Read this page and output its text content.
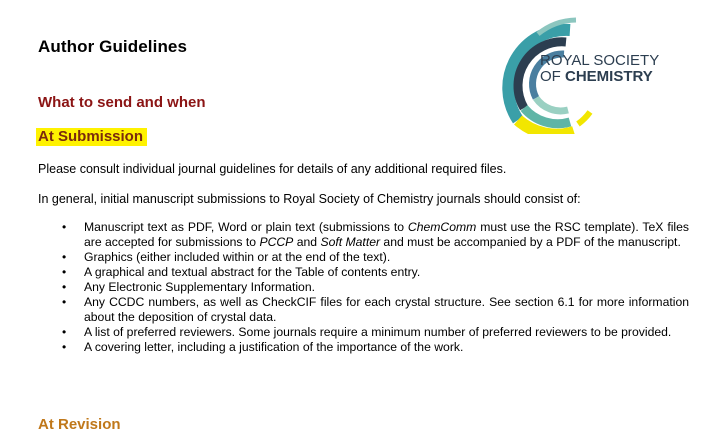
Author Guidelines
What to send and when
At Submission
Please consult individual journal guidelines for details of any additional required files.
In general, initial manuscript submissions to Royal Society of Chemistry journals should consist of:
• Manuscript text as PDF, Word or plain text (submissions to ChemComm must use the RSC template). TeX files are accepted for submissions to PCCP and Soft Matter and must be accompanied by a PDF of the manuscript.
• Graphics (either included within or at the end of the text).
• A graphical and textual abstract for the Table of contents entry.
• Any Electronic Supplementary Information.
• Any CCDC numbers, as well as CheckCIF files for each crystal structure. See section 6.1 for more information about the deposition of crystal data.
• A list of preferred reviewers. Some journals require a minimum number of preferred reviewers to be provided.
• A covering letter, including a justification of the importance of the work.
At Revision
ROYAL SOCIETY
OF CHEMISTRY
